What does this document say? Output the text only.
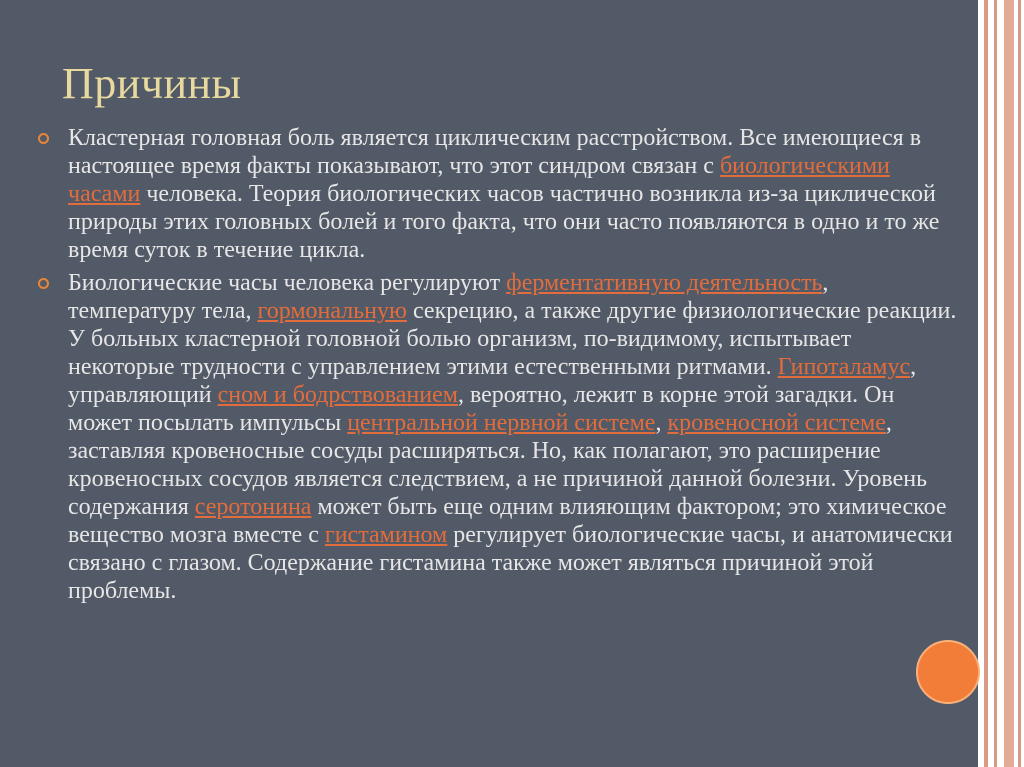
Причины

Кластерная головная боль является циклическим расстройством. Все имеющиеся в настоящее время факты показывают, что этот синдром связан с биологическими часами человека. Теория биологических часов частично возникла из-за циклической природы этих головных болей и того факта, что они часто появляются в одно и то же время суток в течение цикла.

Биологические часы человека регулируют ферментативную деятельность, температуру тела, гормональную секрецию, а также другие физиологические реакции. У больных кластерной головной болью организм, по-видимому, испытывает некоторые трудности с управлением этими естественными ритмами. Гипоталамус, управляющий сном и бодрствованием, вероятно, лежит в корне этой загадки. Он может посылать импульсы центральной нервной системе, кровеносной системе, заставляя кровеносные сосуды расширяться. Но, как полагают, это расширение кровеносных сосудов является следствием, а не причиной данной болезни. Уровень содержания серотонина может быть еще одним влияющим фактором; это химическое вещество мозга вместе с гистамином регулирует биологические часы, и анатомически связано с глазом. Содержание гистамина также может являться причиной этой проблемы.
